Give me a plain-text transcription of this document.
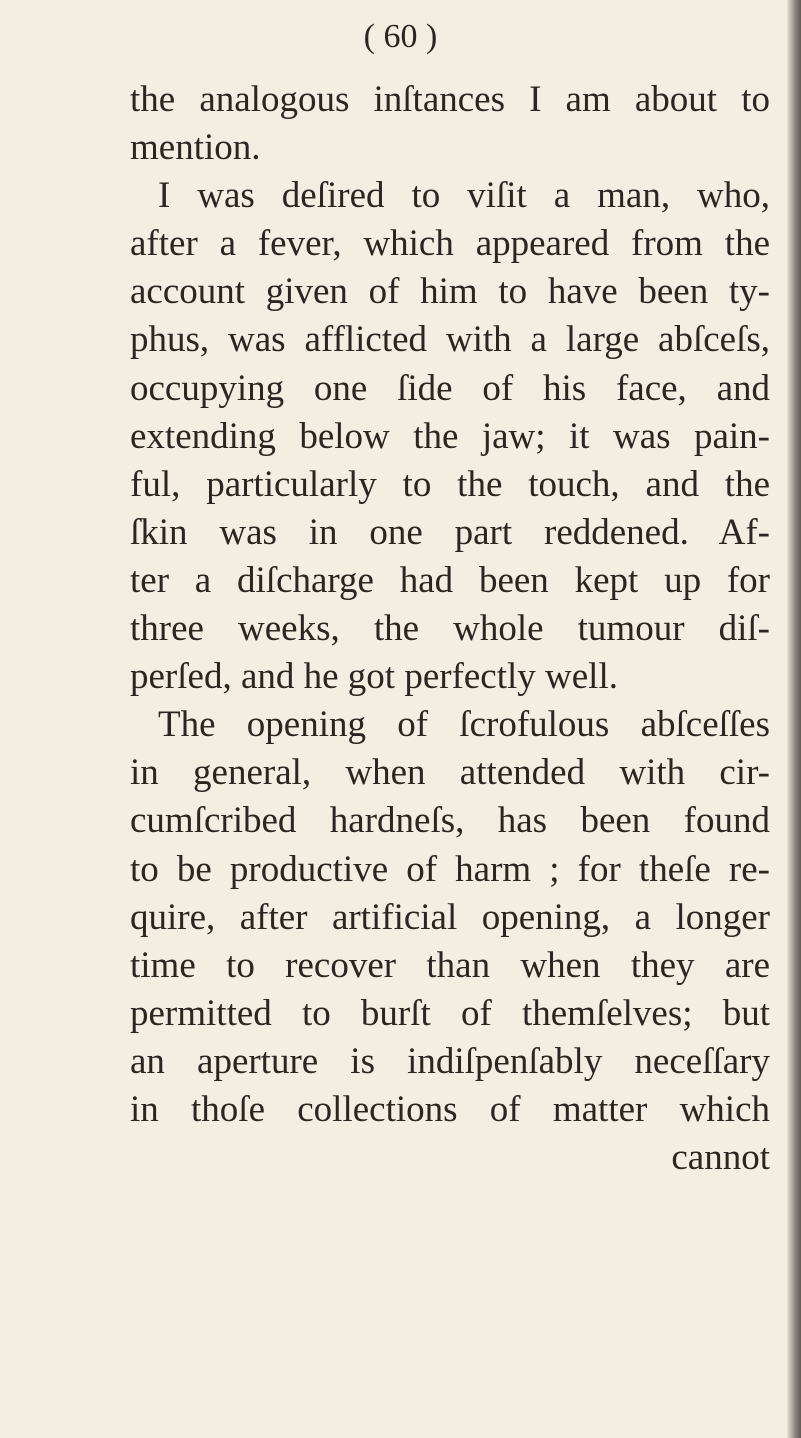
( 60 )
the analogous inſtances I am about to
mention.
I was deſired to viſit a man, who,
after a fever, which appeared from the
account given of him to have been ty-
phus, was afflicted with a large abſceſs,
occupying one ſide of his face, and
extending below the jaw; it was pain-
ful, particularly to the touch, and the
ſkin was in one part reddened. Af-
ter a diſcharge had been kept up for
three weeks, the whole tumour diſ-
perſed, and he got perfectly well.
The opening of ſcrofulous abſceſſes
in general, when attended with cir-
cumſcribed hardneſs, has been found
to be productive of harm ; for theſe re-
quire, after artificial opening, a longer
time to recover than when they are
permitted to burſt of themſelves; but
an aperture is indiſpenſably neceſſary
in thoſe collections of matter which
cannot
